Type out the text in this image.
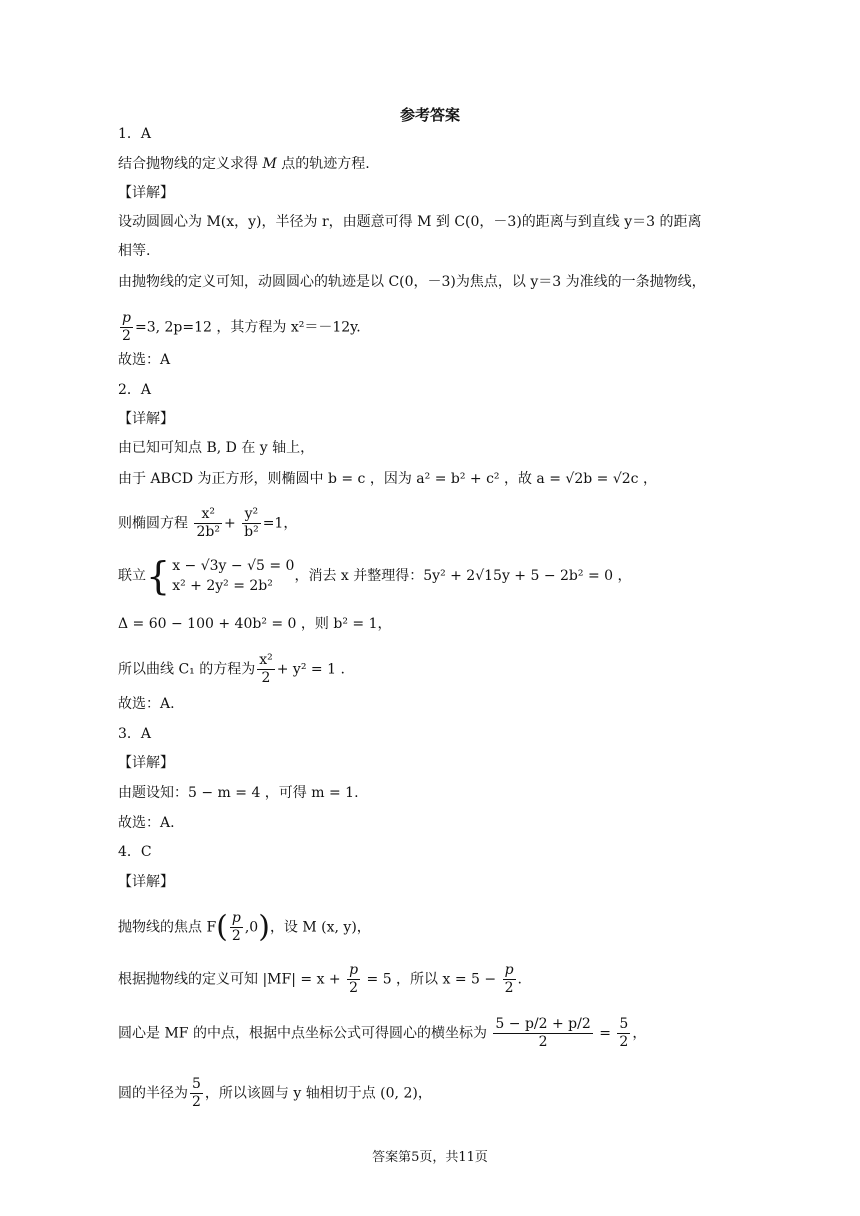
参考答案
1．A
结合抛物线的定义求得 M 点的轨迹方程.
【详解】
设动圆圆心为 M(x，y)，半径为 r，由题意可得 M 到 C(0，－3)的距离与到直线 y＝3 的距离
相等.
由抛物线的定义可知，动圆圆心的轨迹是以 C(0，－3)为焦点，以 y＝3 为准线的一条抛物线，
$\frac{p}{2} =3$, 2p=12 ，其方程为 x²＝－12y.
故选：A
2．A
【详解】
由已知可知点 B, D 在 y 轴上，
由于 ABCD 为正方形，则椭圆中 b = c ，因为 a² = b² + c² ，故 a = √2b = √2c ，
则椭圆方程 $\frac{\text{x²}}{\text{2b²}} + \frac{\text{y²}}{\text{b²}} =1$，
联立{ x − √3y − √5 = 0
x² + 2y² = 2b²
，消去 x 并整理得：5y² + 2√15y + 5 − 2b² = 0 ，
Δ = 60 − 100 + 40b² = 0 ，则 b² = 1，
所以曲线 C₁ 的方程为 $\frac{\text{x²}}{2} + y^2 = 1$ .
故选：A.
3．A
【详解】
由题设知：5 − m = 4 ，可得 m = 1.
故选：A.
4．C
【详解】
抛物线的焦点 $F( \frac{p}{2} ,0)$，设 M (x, y)，
根据抛物线的定义可知 $|MF| = x + \frac{p}{2} = 5$ ，所以 $x = 5 - \frac{p}{2}$ .
圆心是 MF 的中点，根据中点坐标公式可得圆心的横坐标为 $\frac{5 - p/2 + p/2}{2} = \frac{5}{2}$ ，
圆的半径为 $\frac{5}{2}$ ，所以该圆与 y 轴相切于点 (0, 2)，
答案第5页，共11页
